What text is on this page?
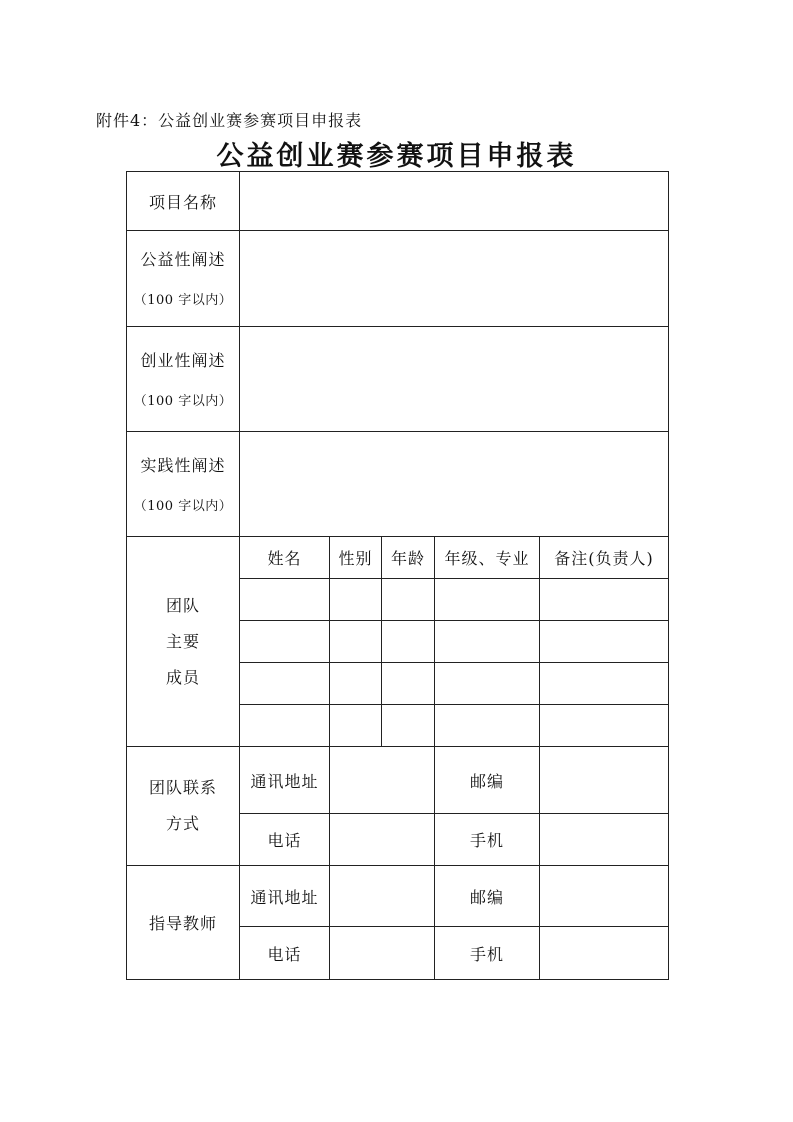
附件4：公益创业赛参赛项目申报表
公益创业赛参赛项目申报表
项目名称					

公益性阐述
（100 字以内）					

创业性阐述
（100 字以内）					

实践性阐述
（100 字以内）					

团队
主要
成员	姓名	性别	年龄	年级、专业	备注(负责人)

团队联系
方式	通讯地址			邮编	
	电话			手机	
指导教师	通讯地址			邮编	
	电话			手机	
